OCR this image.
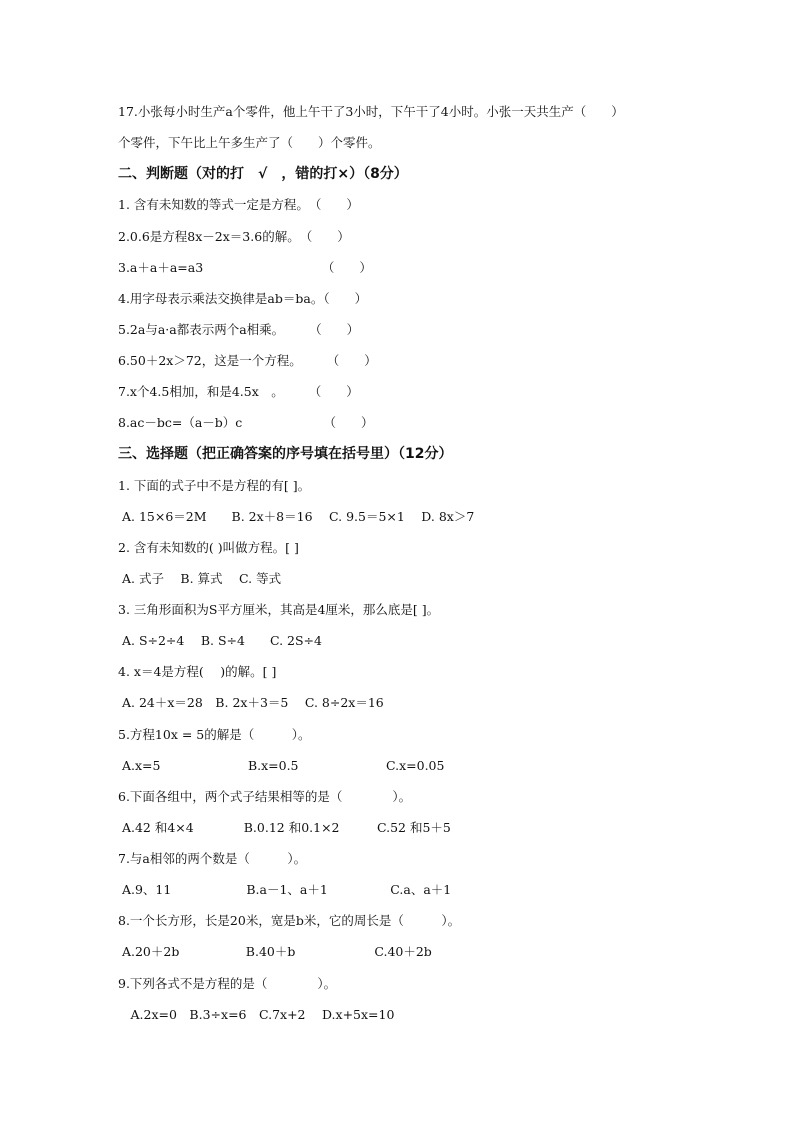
17.小张每小时生产a个零件，他上午干了3小时，下午干了4小时。小张一天共生产（　　）
个零件，下午比上午多生产了（　　）个零件。
二、判断题（对的打　√　，错的打×）（8分）
1. 含有未知数的等式一定是方程。　（　　）
2.0.6是方程8x－2x＝3.6的解。　（　　）
3.a＋a＋a=a3　　　　　　　　　　（　　）
4.用字母表示乘法交换律是ab＝ba。（　　）
5.2a与a·a都表示两个a相乘。　　　（　　）
6.50＋2x＞72，这是一个方程。　　　（　　）
7.x个4.5相加，和是4.5x　。　　　（　　）
8.ac－bc=（a－b）c　　　　　　　（　　）
三、选择题（把正确答案的序号填在括号里）（12分）
1. 下面的式子中不是方程的有[ ]。
A. 15×6＝2M　　B. 2x＋8＝16　 C. 9.5＝5×1　 D. 8x＞7
2. 含有未知数的( )叫做方程。[ ]
A. 式子　 B. 算式　 C. 等式
3. 三角形面积为S平方厘米，其高是4厘米，那么底是[ ]。
A. S÷2÷4　 B. S÷4　　C. 2S÷4
4. x＝4是方程(　 )的解。[ ]
A. 24＋x＝28　B. 2x＋3＝5　 C. 8÷2x＝16
5.方程10x = 5的解是（　　　）。
A.x=5　　　　　　　B.x=0.5　　　　　　　C.x=0.05
6.下面各组中，两个式子结果相等的是（　　　　）。
A.42 和4×4　　　　B.0.12 和0.1×2　　　C.52 和5＋5
7.与a相邻的两个数是（　　　）。
A.9、11　　　　　　B.a－1、a＋1　　　　　C.a、a＋1
8.一个长方形，长是20米，宽是b米，它的周长是（　　　）。
A.20＋2b　　　　　 B.40＋b　　　　　　 C.40＋2b
9.下列各式不是方程的是（　　　　）。
　A.2x=0　B.3÷x=6　C.7x+2　 D.x+5x=10
